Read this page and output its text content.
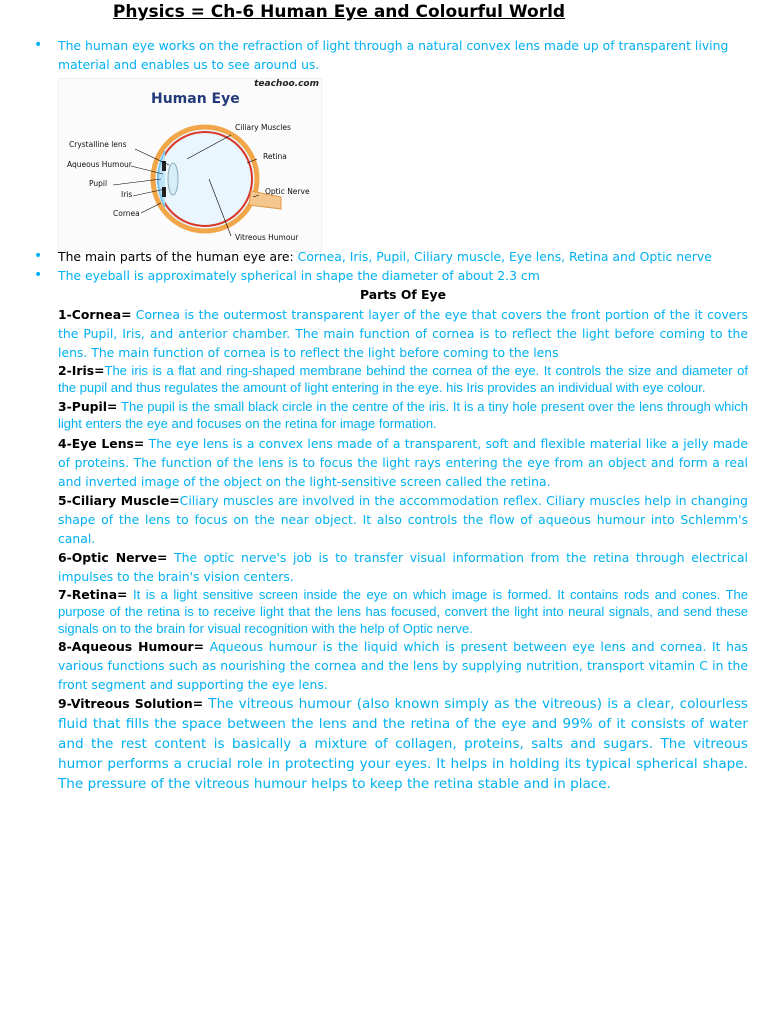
Physics = Ch-6 Human Eye and Colourful World
• The human eye works on the refraction of light through a natural convex lens made up of transparent living material and enables us to see around us.
teachoo.com
Human Eye
Ciliary Muscles
Crystalline lens
Retina
Aqueous Humour
Pupil
Optic Nerve
Iris
Cornea
Vitreous Humour
• The main parts of the human eye are: Cornea, Iris, Pupil, Ciliary muscle, Eye lens, Retina and Optic nerve
• The eyeball is approximately spherical in shape the diameter of about 2.3 cm
Parts Of Eye

1-Cornea= Cornea is the outermost transparent layer of the eye that covers the front portion of the it covers the Pupil, Iris, and anterior chamber. The main function of cornea is to reflect the light before coming to the lens. The main function of cornea is to reflect the light before coming to the lens

2-Iris=The iris is a flat and ring-shaped membrane behind the cornea of the eye. It controls the size and diameter of the pupil and thus regulates the amount of light entering in the eye. his Iris provides an individual with eye colour.

3-Pupil= The pupil is the small black circle in the centre of the iris. It is a tiny hole present over the lens through which light enters the eye and focuses on the retina for image formation.

4-Eye Lens= The eye lens is a convex lens made of a transparent, soft and flexible material like a jelly made of proteins. The function of the lens is to focus the light rays entering the eye from an object and form a real and inverted image of the object on the light-sensitive screen called the retina.

5-Ciliary Muscle=Ciliary muscles are involved in the accommodation reflex. Ciliary muscles help in changing shape of the lens to focus on the near object. It also controls the flow of aqueous humour into Schlemm's canal.

6-Optic Nerve= The optic nerve's job is to transfer visual information from the retina through electrical impulses to the brain's vision centers.

7-Retina= It is a light sensitive screen inside the eye on which image is formed. It contains rods and cones. The purpose of the retina is to receive light that the lens has focused, convert the light into neural signals, and send these signals on to the brain for visual recognition with the help of Optic nerve.

8-Aqueous Humour= Aqueous humour is the liquid which is present between eye lens and cornea. It has various functions such as nourishing the cornea and the lens by supplying nutrition, transport vitamin C in the front segment and supporting the eye lens.

9-Vitreous Solution= The vitreous humour (also known simply as the vitreous) is a clear, colourless fluid that fills the space between the lens and the retina of the eye and 99% of it consists of water and the rest content is basically a mixture of collagen, proteins, salts and sugars. The vitreous humor performs a crucial role in protecting your eyes. It helps in holding its typical spherical shape. The pressure of the vitreous humour helps to keep the retina stable and in place.
